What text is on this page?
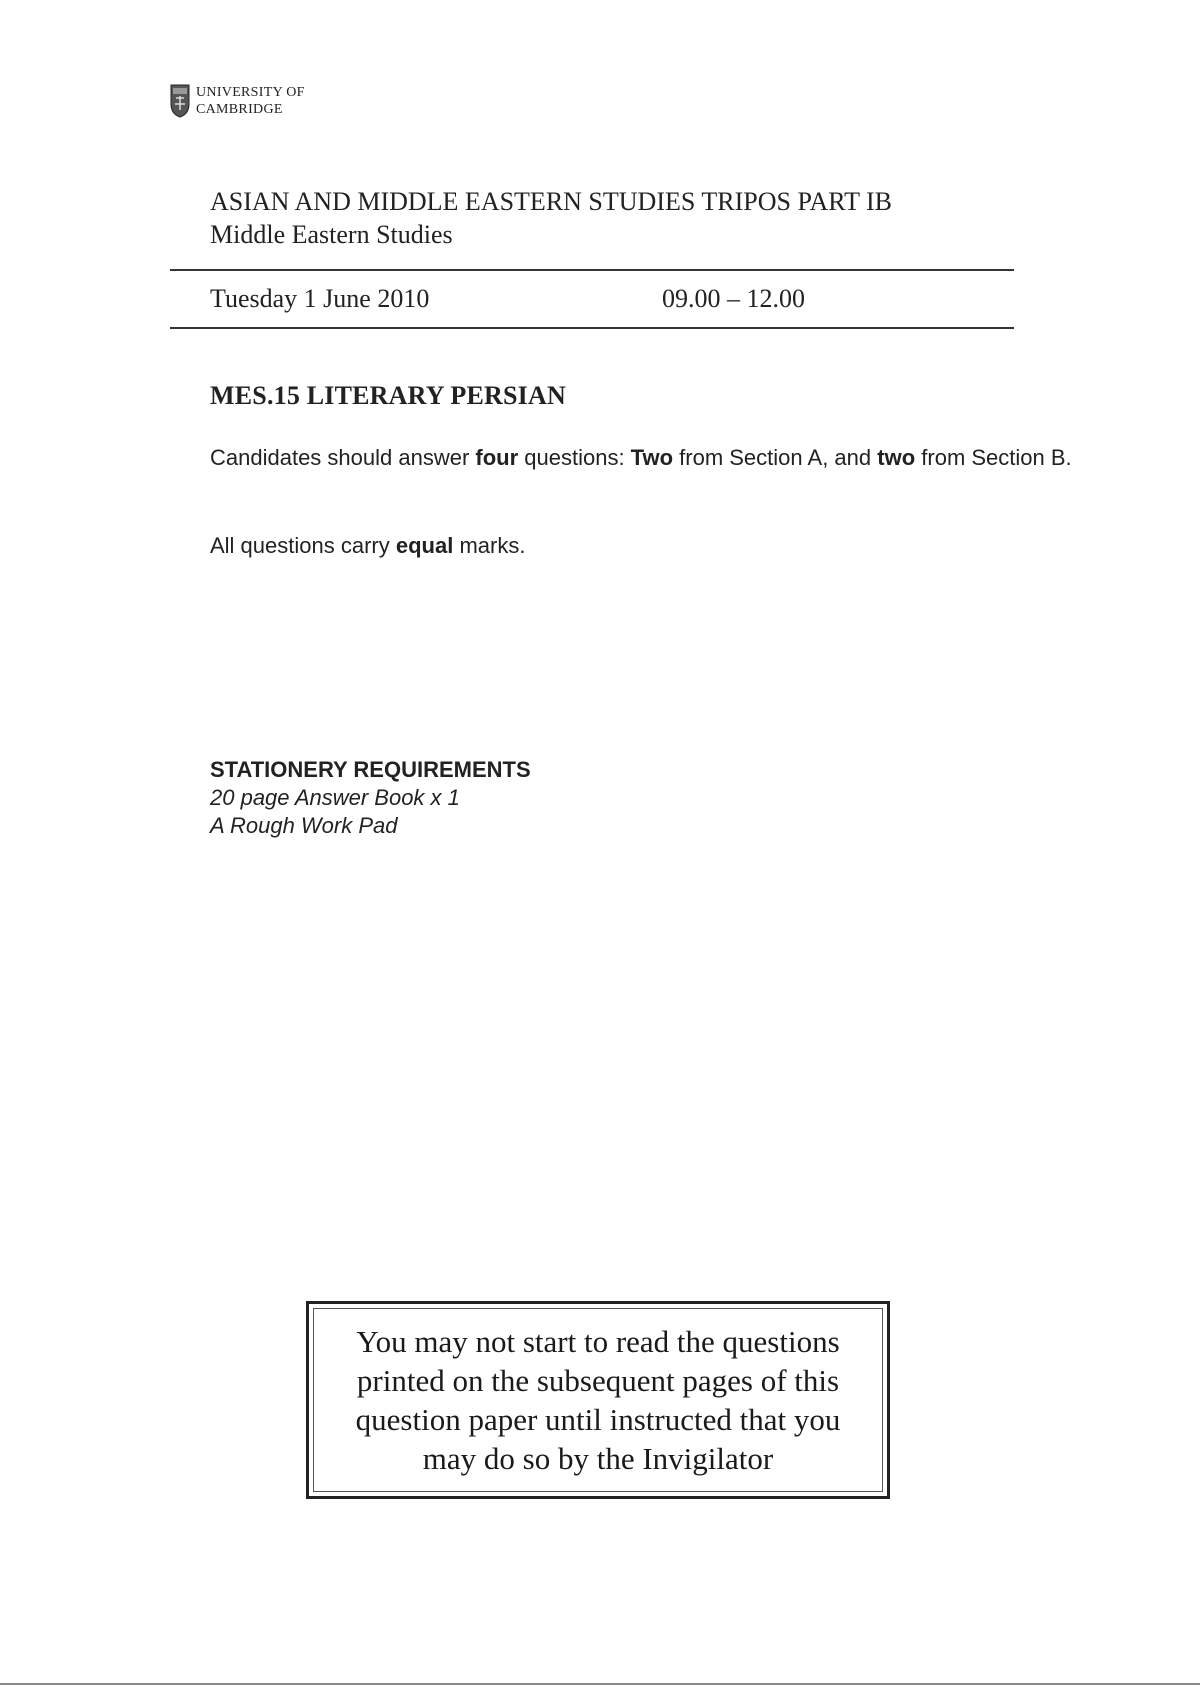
UNIVERSITY OF
CAMBRIDGE
ASIAN AND MIDDLE EASTERN STUDIES TRIPOS PART IB
Middle Eastern Studies
Tuesday 1 June 2010	09.00 – 12.00
MES.15 LITERARY PERSIAN
Candidates should answer four questions: Two from Section A, and two from Section B.
All questions carry equal marks.
STATIONERY REQUIREMENTS
20 page Answer Book x 1
A Rough Work Pad
You may not start to read the questions printed on the subsequent pages of this question paper until instructed that you may do so by the Invigilator
